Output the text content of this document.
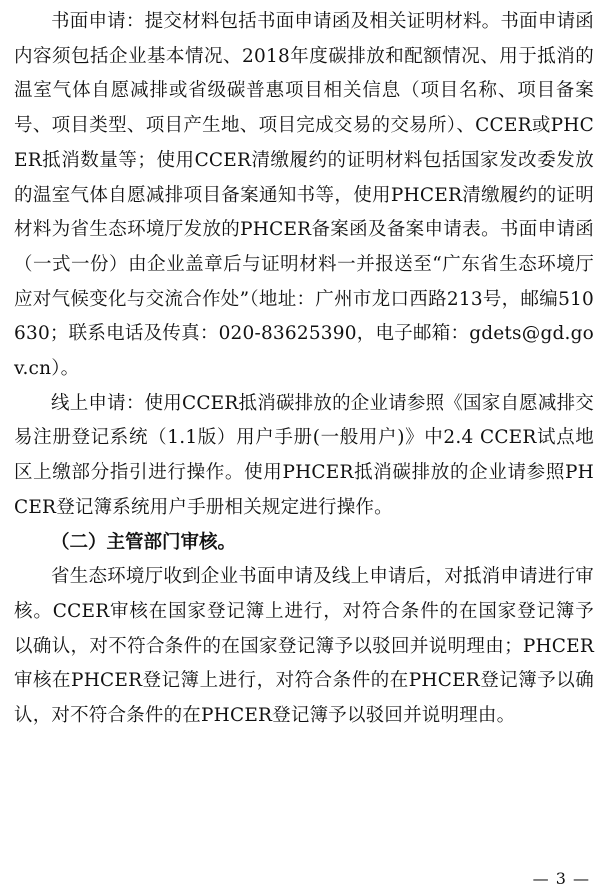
书面申请：提交材料包括书面申请函及相关证明材料。书面申请函内容须包括企业基本情况、2018年度碳排放和配额情况、用于抵消的温室气体自愿减排或省级碳普惠项目相关信息（项目名称、项目备案号、项目类型、项目产生地、项目完成交易的交易所）、CCER或PHCER抵消数量等；使用CCER清缴履约的证明材料包括国家发改委发放的温室气体自愿减排项目备案通知书等，使用PHCER清缴履约的证明材料为省生态环境厅发放的PHCER备案函及备案申请表。书面申请函（一式一份）由企业盖章后与证明材料一并报送至“广东省生态环境厅应对气候变化与交流合作处”（地址：广州市龙口西路213号，邮编510630；联系电话及传真：020-83625390，电子邮箱：gdets@gd.gov.cn）。

线上申请：使用CCER抵消碳排放的企业请参照《国家自愿减排交易注册登记系统（1.1版）用户手册(一般用户)》中2.4 CCER试点地区上缴部分指引进行操作。使用PHCER抵消碳排放的企业请参照PHCER登记簿系统用户手册相关规定进行操作。

（二）主管部门审核。

省生态环境厅收到企业书面申请及线上申请后，对抵消申请进行审核。CCER审核在国家登记簿上进行，对符合条件的在国家登记簿予以确认，对不符合条件的在国家登记簿予以驳回并说明理由；PHCER审核在PHCER登记簿上进行，对符合条件的在PHCER登记簿予以确认，对不符合条件的在PHCER登记簿予以驳回并说明理由。

— 3 —
